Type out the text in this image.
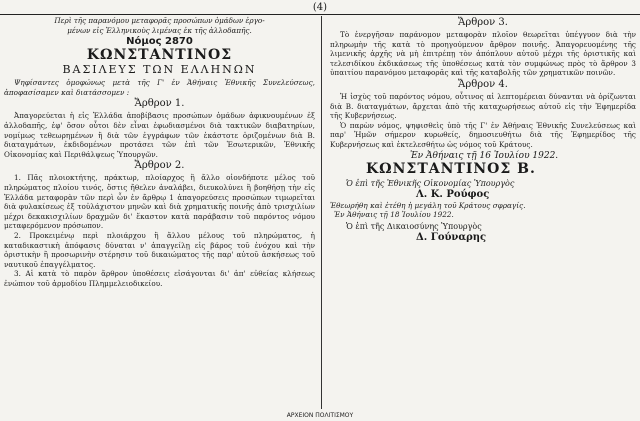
(4)

Περὶ τῆς παρανόμου μεταφορᾶς προσώπων ὁμάδων ἐργο-

μένων εἰς Ἑλληνικοὺς λιμένας ἐκ τῆς ἀλλοδαπῆς.

Νόμος 2870

ΚΩΝΣΤΑΝΤΙΝΟΣ

ΒΑΣΙΛΕΥΣ ΤΩΝ ΕΛΛΗΝΩΝ

Ψηφίσαντες ὁμοφώνως μετὰ τῆς Γ' ἐν Ἀθήναις Ἐθνικῆς Συνελεύσεως, ἀποφασίσαμεν καὶ διατάσσομεν :

Ἄρθρον 1.

Ἀπαγορεύεται ἡ εἰς Ἑλλάδα ἀποβίβασις προσώπων ὁμάδων ἀφικνουμένων ἐξ ἀλλοδαπῆς, ἐφ' ὅσον οὗτοι δὲν εἶναι ἐφωδιασμένοι διὰ τακτικῶν διαβατηρίων, νομίμως τεθεωρημένων ἢ διὰ τῶν ἐγγράφων τῶν ἑκάστοτε ὁριζομένων διὰ Β. διαταγμάτων, ἐκδιδομένων προτάσει τῶν ἐπὶ τῶν Ἐσωτερικῶν, Ἐθνικῆς Οἰκονομίας καὶ Περιθάλψεως Ὑπουργῶν.

Ἄρθρον 2.

1. Πᾶς πλοιοκτήτης, πράκτωρ, πλοίαρχος ἢ ἄλλο οἱονδήποτε μέλος τοῦ πληρώματος πλοίου τινός, ὅστις ἤθελεν ἀναλάβει, διευκολύνει ἢ βοηθήσῃ τὴν εἰς Ἑλλάδα μεταφορὰν τῶν περὶ ὧν ἐν ἄρθρῳ 1 ἀπαγορεύσεις προσώπων τιμωρεῖται διὰ φυλακίσεως ἐξ τοὐλάχιστον μηνῶν καὶ διὰ χρηματικῆς ποινῆς ἀπὸ τρισχιλίων μέχρι δεκακισχιλίων δραχμῶν δι' ἕκαστον κατὰ παράβασιν τοῦ παρόντος νόμου μεταφερόμενον πρόσωπον.

2. Προκειμένῳ περὶ πλοιάρχου ἢ ἄλλου μέλους τοῦ πληρώματος, ἡ καταδικαστικὴ ἀπόφασις δύναται ν' ἀπαγγείλῃ εἰς βάρος τοῦ ἐνόχου καὶ τὴν ὁριστικὴν ἢ προσωρινὴν στέρησιν τοῦ δικαιώματος τῆς παρ' αὐτοῦ ἀσκήσεως τοῦ ναυτικοῦ ἐπαγγέλματος.

3. Αἱ κατὰ τὸ παρὸν ἄρθρον ὑποθέσεις εἰσάγονται δι' ἀπ' εὐθείας κλήσεως ἐνώπιον τοῦ ἁρμοδίου Πλημμελειοδικείου.

Ἄρθρον 3.

Τὸ ἐνεργῆσαν παράνομον μεταφορὰν πλοῖον θεωρεῖται ὑπέγγυον διὰ τὴν πληρωμὴν τῆς κατὰ τὸ προηγούμενον ἄρθρον ποινῆς. Ἀπαγορευομένης τῆς λιμενικῆς ἀρχῆς νὰ μὴ ἐπιτρέπῃ τὸν ἀπόπλουν αὐτοῦ μέχρι τῆς ὁριστικῆς καὶ τελεσιδίκου ἐκδικάσεως τῆς ὑποθέσεως κατὰ τὸν συμφώνως πρὸς τὸ ἄρθρον 3 ὑπαιτίου παρανόμου μεταφορᾶς καὶ τῆς καταβολῆς τῶν χρηματικῶν ποινῶν.

Ἄρθρον 4.

Ἡ ἰσχὺς τοῦ παρόντος νόμου, οὗτινος αἱ λεπτομέρειαι δύνανται νὰ ὁρίζωνται διὰ Β. διαταγμάτων, ἄρχεται ἀπὸ τῆς καταχωρήσεως αὐτοῦ εἰς τὴν Ἐφημερίδα τῆς Κυβερνήσεως.

Ὁ παρὼν νόμος, ψηφισθεὶς ὑπὸ τῆς Γ' ἐν Ἀθήναις Ἐθνικῆς Συνελεύσεως καὶ παρ' Ἡμῶν σήμερον κυρωθείς, δημοσιευθήτω διὰ τῆς Ἐφημερίδος τῆς Κυβερνήσεως καὶ ἐκτελεσθήτω ὡς νόμος τοῦ Κράτους.

Ἐν Ἀθήναις τῇ 16 Ἰουλίου 1922.

ΚΩΝΣΤΑΝΤΙΝΟΣ Β.

Ὁ ἐπὶ τῆς Ἐθνικῆς Οἰκονομίας Ὑπουργὸς

Λ. Κ. Ρούφος

Ἐθεωρήθη καὶ ἐτέθη ἡ μεγάλη τοῦ Κράτους σφραγίς.

Ἐν Ἀθήναις τῇ 18 Ἰουλίου 1922.

Ὁ ἐπὶ τῆς Δικαιοσύνης Ὑπουργὸς

Δ. Γούναρης

ΑΡΧΕΙΟΝ ΠΟΛΙΤΙΣΜΟΥ
